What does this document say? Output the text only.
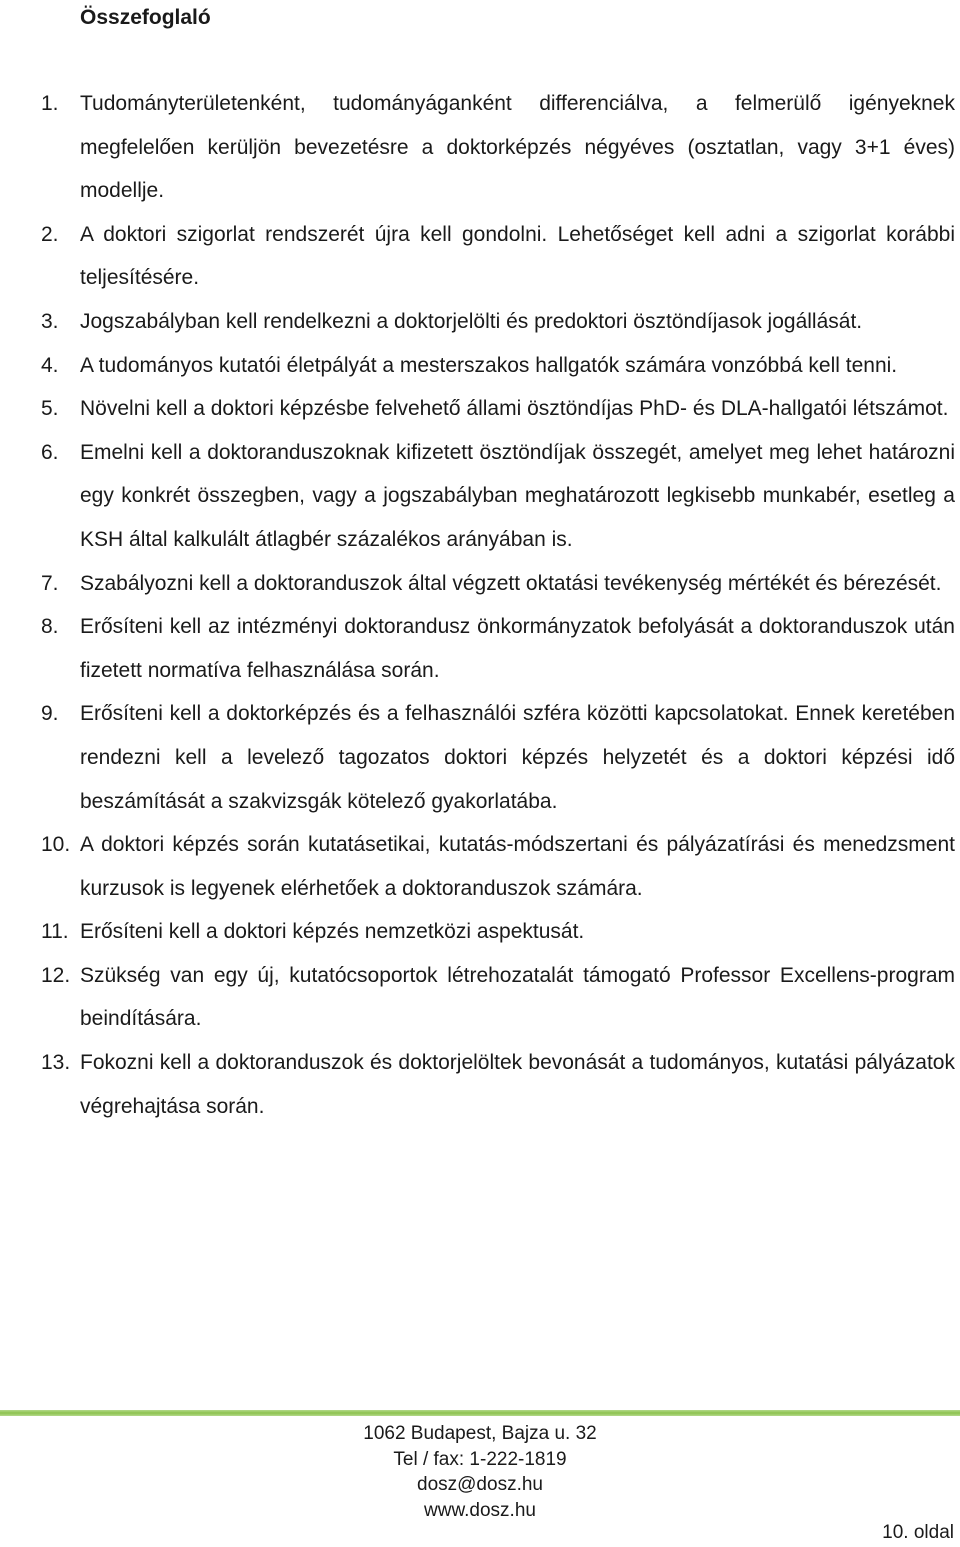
Összefoglaló
1. Tudományterületenként, tudományáganként differenciálva, a felmerülő igényeknek megfelelően kerüljön bevezetésre a doktorképzés négyéves (osztatlan, vagy 3+1 éves) modellje.
2. A doktori szigorlat rendszerét újra kell gondolni. Lehetőséget kell adni a szigorlat korábbi teljesítésére.
3. Jogszabályban kell rendelkezni a doktorjelölti és predoktori ösztöndíjasok jogállását.
4. A tudományos kutatói életpályát a mesterszakos hallgatók számára vonzóbbá kell tenni.
5. Növelni kell a doktori képzésbe felvehető állami ösztöndíjas PhD- és DLA-hallgatói létszámot.
6. Emelni kell a doktoranduszoknak kifizetett ösztöndíjak összegét, amelyet meg lehet határozni egy konkrét összegben, vagy a jogszabályban meghatározott legkisebb munkabér, esetleg a KSH által kalkulált átlagbér százalékos arányában is.
7. Szabályozni kell a doktoranduszok által végzett oktatási tevékenység mértékét és bérezését.
8. Erősíteni kell az intézményi doktorandusz önkormányzatok befolyását a doktoranduszok után fizetett normatíva felhasználása során.
9. Erősíteni kell a doktorképzés és a felhasználói szféra közötti kapcsolatokat. Ennek keretében rendezni kell a levelező tagozatos doktori képzés helyzetét és a doktori képzési idő beszámítását a szakvizsgák kötelező gyakorlatába.
10. A doktori képzés során kutatásetikai, kutatás-módszertani és pályázatírási és menedzsment kurzusok is legyenek elérhetőek a doktoranduszok számára.
11. Erősíteni kell a doktori képzés nemzetközi aspektusát.
12. Szükség van egy új, kutatócsoportok létrehozatalát támogató Professor Excellens-program beindítására.
13. Fokozni kell a doktoranduszok és doktorjelöltek bevonását a tudományos, kutatási pályázatok végrehajtása során.
1062 Budapest, Bajza u. 32
Tel / fax: 1-222-1819
dosz@dosz.hu
www.dosz.hu
10. oldal
